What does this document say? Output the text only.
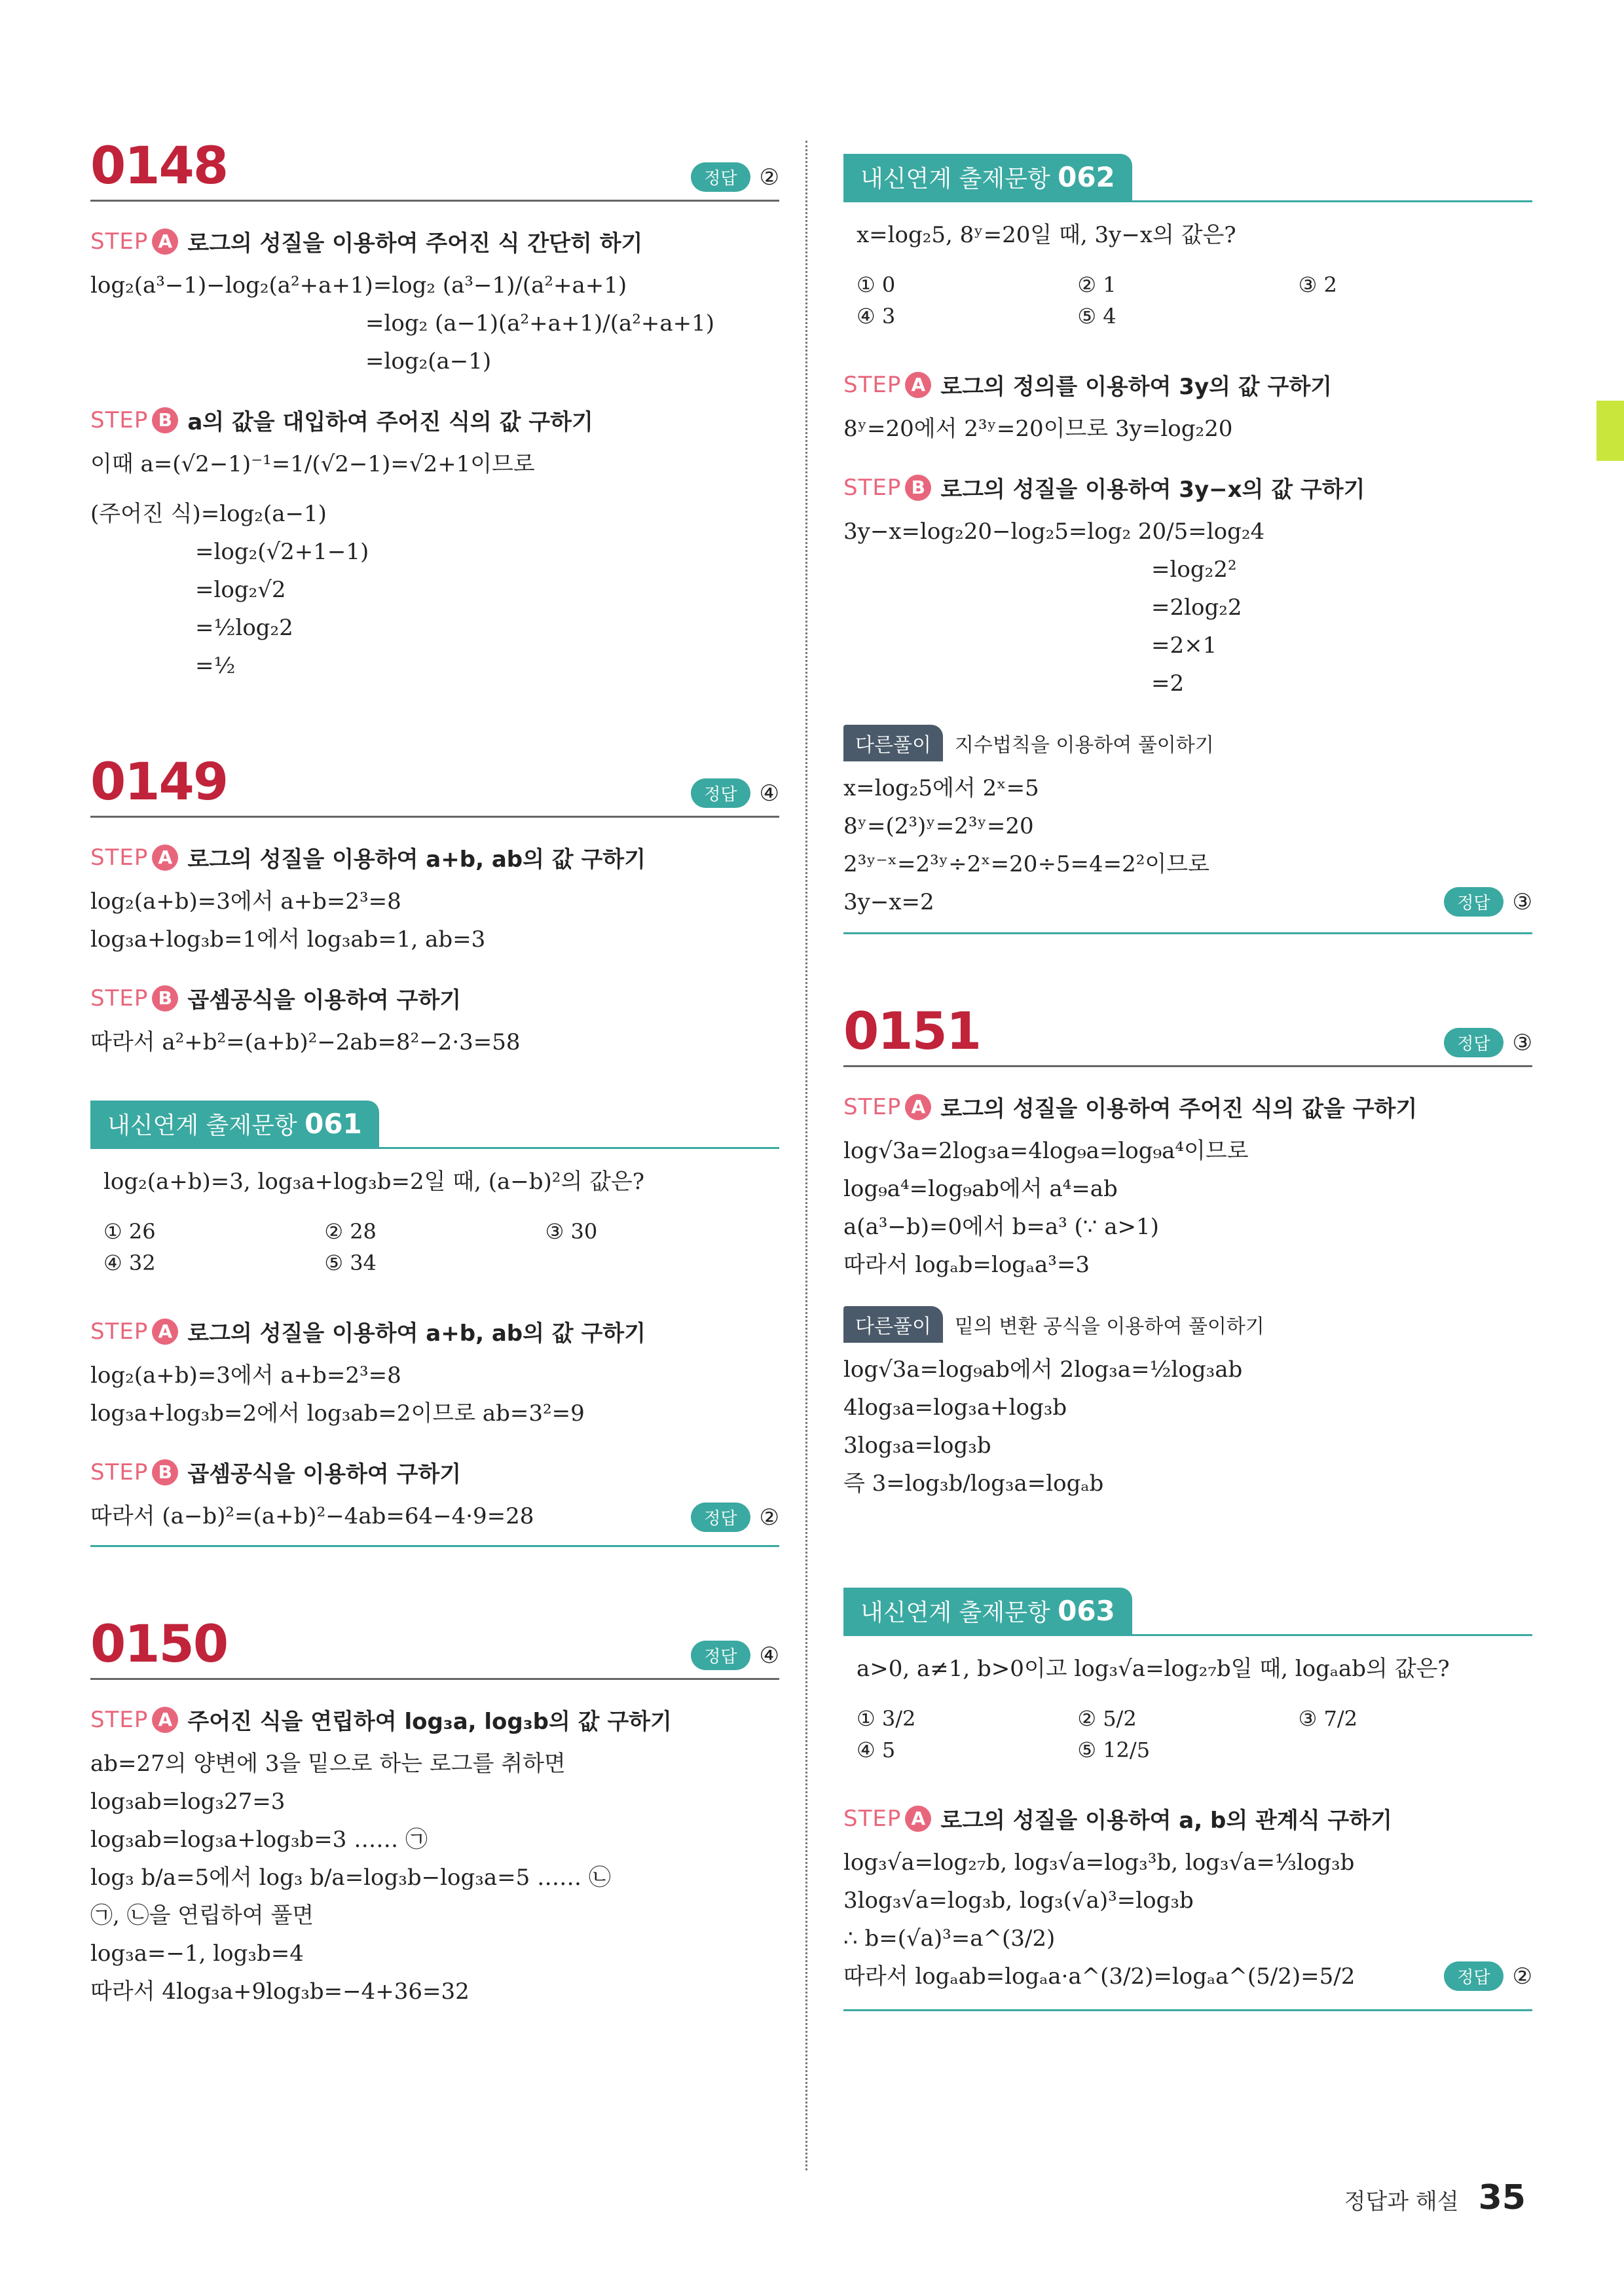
0148	정답	②
STEP A 로그의 성질을 이용하여 주어진 식 간단히 하기
log₂(a³−1)−log₂(a²+a+1)=log₂ (a³−1)/(a²+a+1)
=log₂ (a−1)(a²+a+1)/(a²+a+1)
=log₂(a−1)
STEP B a의 값을 대입하여 주어진 식의 값 구하기
이때 a=(√2−1)⁻¹=1/(√2−1)=√2+1이므로
(주어진 식)=log₂(a−1)
=log₂(√2+1−1)
=log₂√2
=½log₂2
=½
0149	정답	④
STEP A 로그의 성질을 이용하여 a+b, ab의 값 구하기
log₂(a+b)=3에서 a+b=2³=8
log₃a+log₃b=1에서 log₃ab=1, ab=3
STEP B 곱셈공식을 이용하여 구하기
따라서 a²+b²=(a+b)²−2ab=8²−2·3=58
내신연계 출제문항 061
log₂(a+b)=3, log₃a+log₃b=2일 때, (a−b)²의 값은?
① 26	② 28	③ 30
④ 32	⑤ 34
STEP A 로그의 성질을 이용하여 a+b, ab의 값 구하기
log₂(a+b)=3에서 a+b=2³=8
log₃a+log₃b=2에서 log₃ab=2이므로 ab=3²=9
STEP B 곱셈공식을 이용하여 구하기
따라서 (a−b)²=(a+b)²−4ab=64−4·9=28	정답	②
0150	정답	④
STEP A 주어진 식을 연립하여 log₃a, log₃b의 값 구하기
ab=27의 양변에 3을 밑으로 하는 로그를 취하면
log₃ab=log₃27=3
log₃ab=log₃a+log₃b=3 …… ㉠
log₃ b/a=5에서 log₃ b/a=log₃b−log₃a=5 …… ㉡
㉠, ㉡을 연립하여 풀면
log₃a=−1, log₃b=4
따라서 4log₃a+9log₃b=−4+36=32
내신연계 출제문항 062
x=log₂5, 8ʸ=20일 때, 3y−x의 값은?
① 0	② 1	③ 2
④ 3	⑤ 4
STEP A 로그의 정의를 이용하여 3y의 값 구하기
8ʸ=20에서 2³ʸ=20이므로 3y=log₂20
STEP B 로그의 성질을 이용하여 3y−x의 값 구하기
3y−x=log₂20−log₂5=log₂ 20/5=log₂4
=log₂2²
=2log₂2
=2×1
=2
다른풀이	지수법칙을 이용하여 풀이하기
x=log₂5에서 2ˣ=5
8ʸ=(2³)ʸ=2³ʸ=20
2³ʸ⁻ˣ=2³ʸ÷2ˣ=20÷5=4=2²이므로
3y−x=2	정답	③
0151	정답	③
STEP A 로그의 성질을 이용하여 주어진 식의 값을 구하기
log√3a=2log₃a=4log₉a=log₉a⁴이므로
log₉a⁴=log₉ab에서 a⁴=ab
a(a³−b)=0에서 b=a³ (∵ a>1)
따라서 logₐb=logₐa³=3
다른풀이	밑의 변환 공식을 이용하여 풀이하기
log√3a=log₉ab에서 2log₃a=½log₃ab
4log₃a=log₃a+log₃b
3log₃a=log₃b
즉 3=log₃b/log₃a=logₐb
내신연계 출제문항 063
a>0, a≠1, b>0이고 log₃√a=log₂₇b일 때, logₐab의 값은?
① 3/2	② 5/2	③ 7/2
④ 5	⑤ 12/5
STEP A 로그의 성질을 이용하여 a, b의 관계식 구하기
log₃√a=log₂₇b, log₃√a=log₃³b, log₃√a=⅓log₃b
3log₃√a=log₃b, log₃(√a)³=log₃b
∴ b=(√a)³=a^(3/2)
따라서 logₐab=logₐa·a^(3/2)=logₐa^(5/2)=5/2	정답	②
정답과 해설 35
